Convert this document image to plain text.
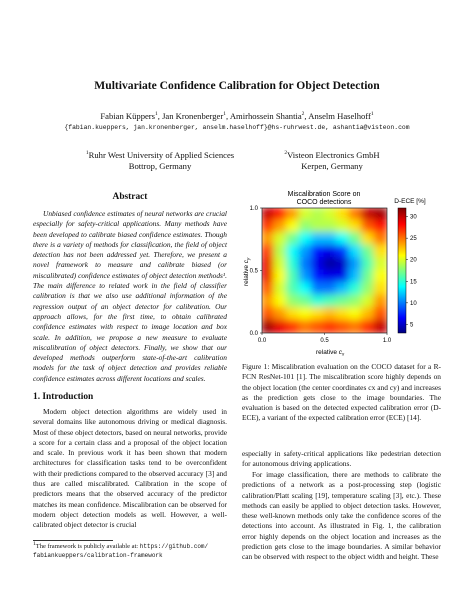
Multivariate Confidence Calibration for Object Detection
Fabian Küppers$^1$, Jan Kronenberger$^1$, Amirhossein Shantia$^2$, Anselm Haselhoff$^1$
{fabian.kueppers, jan.kronenberger, anselm.haselhoff}@hs-ruhrwest.de, ashantia@visteon.com
$^1$Ruhr West University of Applied Sciences
Bottrop, Germany
$^2$Visteon Electronics GmbH
Kerpen, Germany
Abstract
Unbiased confidence estimates of neural networks are crucial especially for safety-critical applications. Many methods have been developed to calibrate biased confidence estimates. Though there is a variety of methods for classification, the field of object detection has not been addressed yet. Therefore, we present a novel framework to measure and calibrate biased (or miscalibrated) confidence estimates of object detection methods¹. The main difference to related work in the field of classifier calibration is that we also use additional information of the regression output of an object detector for calibration. Our approach allows, for the first time, to obtain calibrated confidence estimates with respect to image location and box scale. In addition, we propose a new measure to evaluate miscalibration of object detectors. Finally, we show that our developed methods outperform state-of-the-art calibration models for the task of object detection and provides reliable confidence estimates across different locations and scales.
1. Introduction
Modern object detection algorithms are widely used in several domains like autonomous driving or medical diagnosis. Most of these object detectors, based on neural networks, provide a score for a certain class and a proposal of the object location and scale. In previous work it has been shown that modern architectures for classification tasks tend to be overconfident with their predictions compared to the observed accuracy [3] and thus are called miscalibrated. Calibration in the scope of predictors means that the observed accuracy of the predictor matches its mean confidence. Miscalibration can be observed for modern object detection models as well. However, a well-calibrated object detector is crucial
$^1$The framework is publicly available at: https://github.com/
fabiankueppers/calibration-framework
Miscalibration Score on
COCO detections
0.0	0.5	1.0
1.0
0.5
0.0
relative $c_x$
relative $c_y$
D-ECE [%]
5
10
15
20
25
30
Figure 1: Miscalibration evaluation on the COCO dataset for a R-FCN ResNet-101 [1]. The miscalibration score highly depends on the object location (the center coordinates cx and cy) and increases as the prediction gets close to the image boundaries. The evaluation is based on the detected expected calibration error (D-ECE), a variant of the expected calibration error (ECE) [14].
especially in safety-critical applications like pedestrian detection for autonomous driving applications.
For image classification, there are methods to calibrate the predictions of a network as a post-processing step (logistic calibration/Platt scaling [19], temperature scaling [3], etc.). These methods can easily be applied to object detection tasks. However, these well-known methods only take the confidence scores of the detections into account. As illustrated in Fig. 1, the calibration error highly depends on the object location and increases as the prediction gets close to the image boundaries. A similar behavior can be observed with respect to the object width and height. These
